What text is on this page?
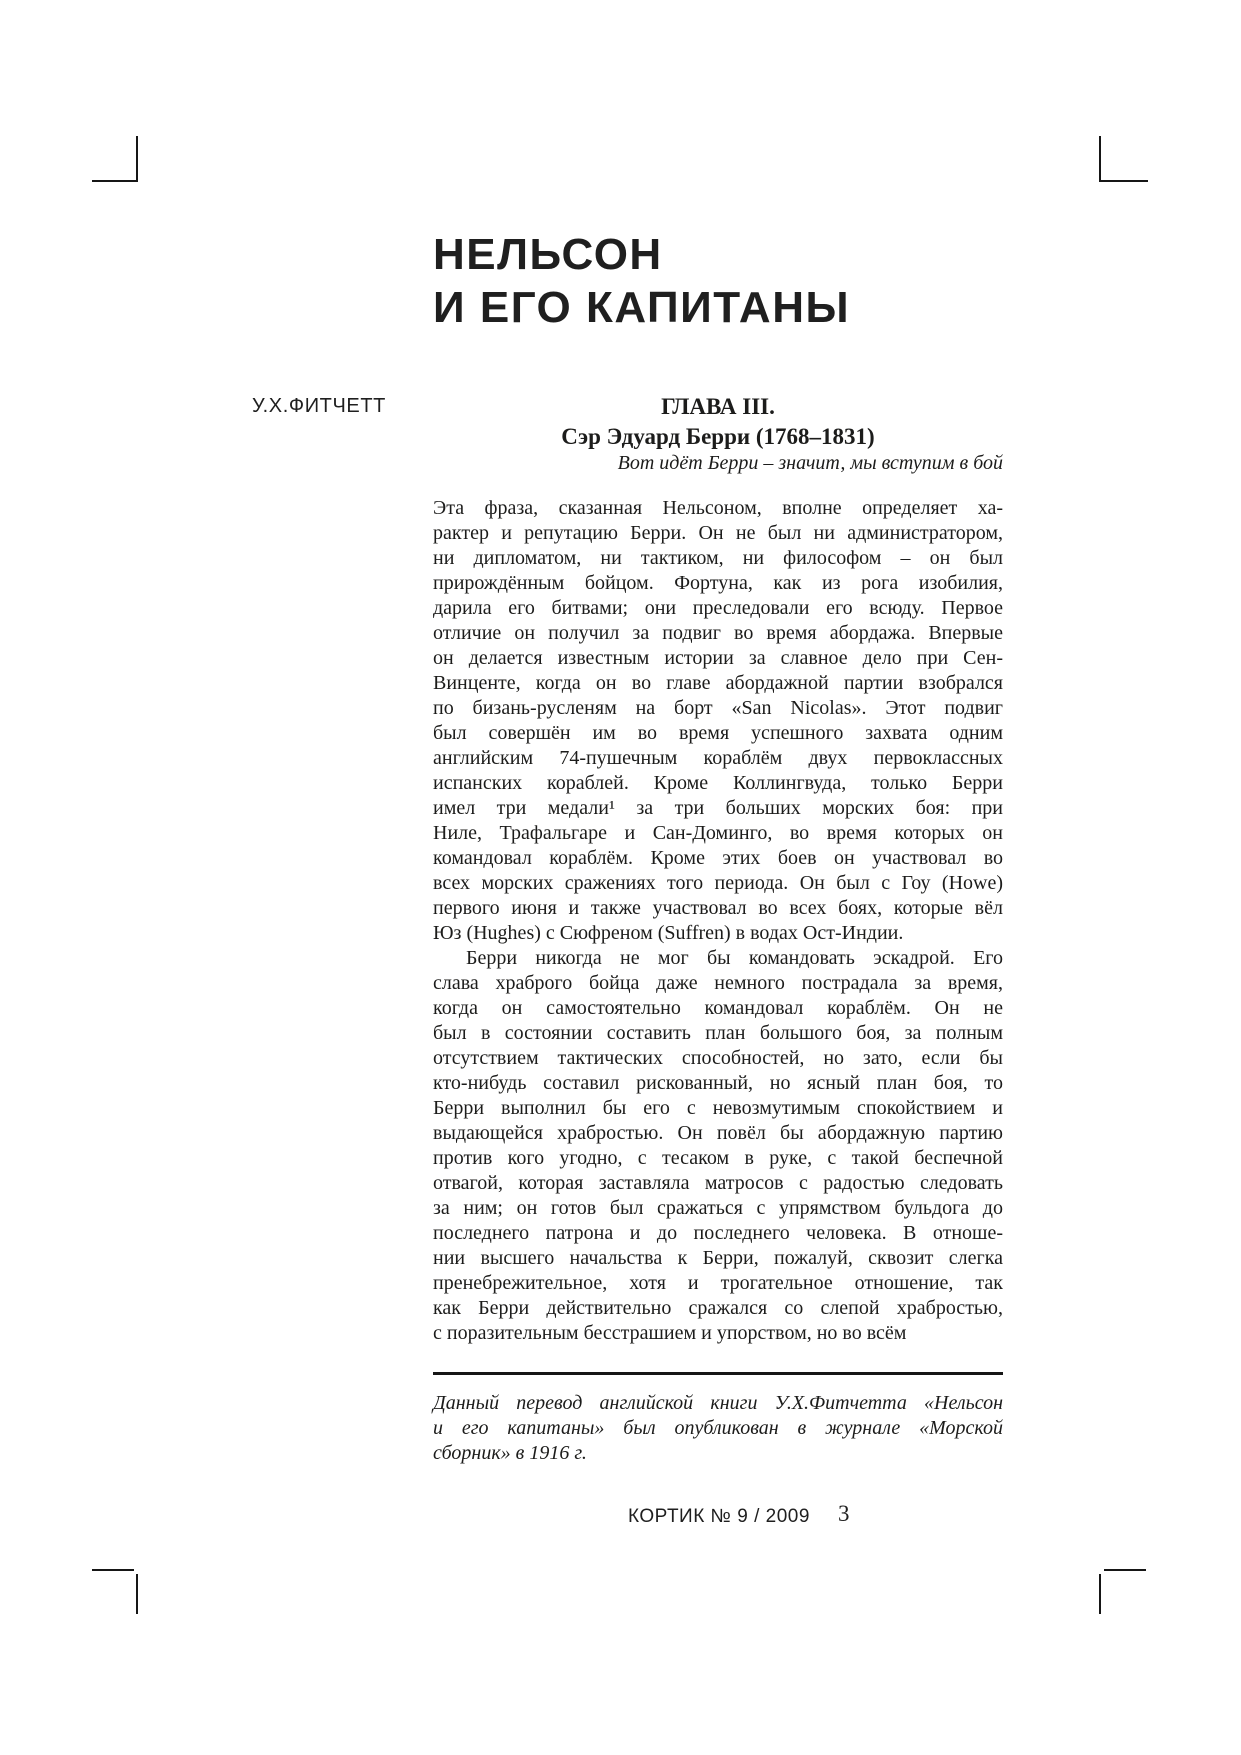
НЕЛЬСОН
И ЕГО КАПИТАНЫ
У.Х.ФИТЧЕТТ	ГЛАВА III.
Сэр Эдуард Берри (1768–1831)
Вот идёт Берри – значит, мы вступим в бой
Эта фраза, сказанная Нельсоном, вполне определяет ха-
рактер и репутацию Берри. Он не был ни администратором,
ни дипломатом, ни тактиком, ни философом – он был
прирождённым бойцом. Фортуна, как из рога изобилия,
дарила его битвами; они преследовали его всюду. Первое
отличие он получил за подвиг во время абордажа. Впервые
он делается известным истории за славное дело при Сен-
Винценте, когда он во главе абордажной партии взобрался
по бизань-русленям на борт «San Nicolas». Этот подвиг
был совершён им во время успешного захвата одним
английским 74-пушечным кораблём двух первоклассных
испанских кораблей. Кроме Коллингвуда, только Берри
имел три медали¹ за три больших морских боя: при
Ниле, Трафальгаре и Сан-Доминго, во время которых он
командовал кораблём. Кроме этих боев он участвовал во
всех морских сражениях того периода. Он был с Гоу (Howe)
первого июня и также участвовал во всех боях, которые вёл
Юз (Hughes) с Сюфреном (Suffren) в водах Ост-Индии.
Берри никогда не мог бы командовать эскадрой. Его
слава храброго бойца даже немного пострадала за время,
когда он самостоятельно командовал кораблём. Он не
был в состоянии составить план большого боя, за полным
отсутствием тактических способностей, но зато, если бы
кто-нибудь составил рискованный, но ясный план боя, то
Берри выполнил бы его с невозмутимым спокойствием и
выдающейся храбростью. Он повёл бы абордажную партию
против кого угодно, с тесаком в руке, с такой беспечной
отвагой, которая заставляла матросов с радостью следовать
за ним; он готов был сражаться с упрямством бульдога до
последнего патрона и до последнего человека. В отноше-
нии высшего начальства к Берри, пожалуй, сквозит слегка
пренебрежительное, хотя и трогательное отношение, так
как Берри действительно сражался со слепой храбростью,
с поразительным бесстрашием и упорством, но во всём
Данный перевод английской книги У.Х.Фитчетта «Нельсон
и его капитаны» был опубликован в журнале «Морской
сборник» в 1916 г.
КОРТИК № 9 / 2009 3
